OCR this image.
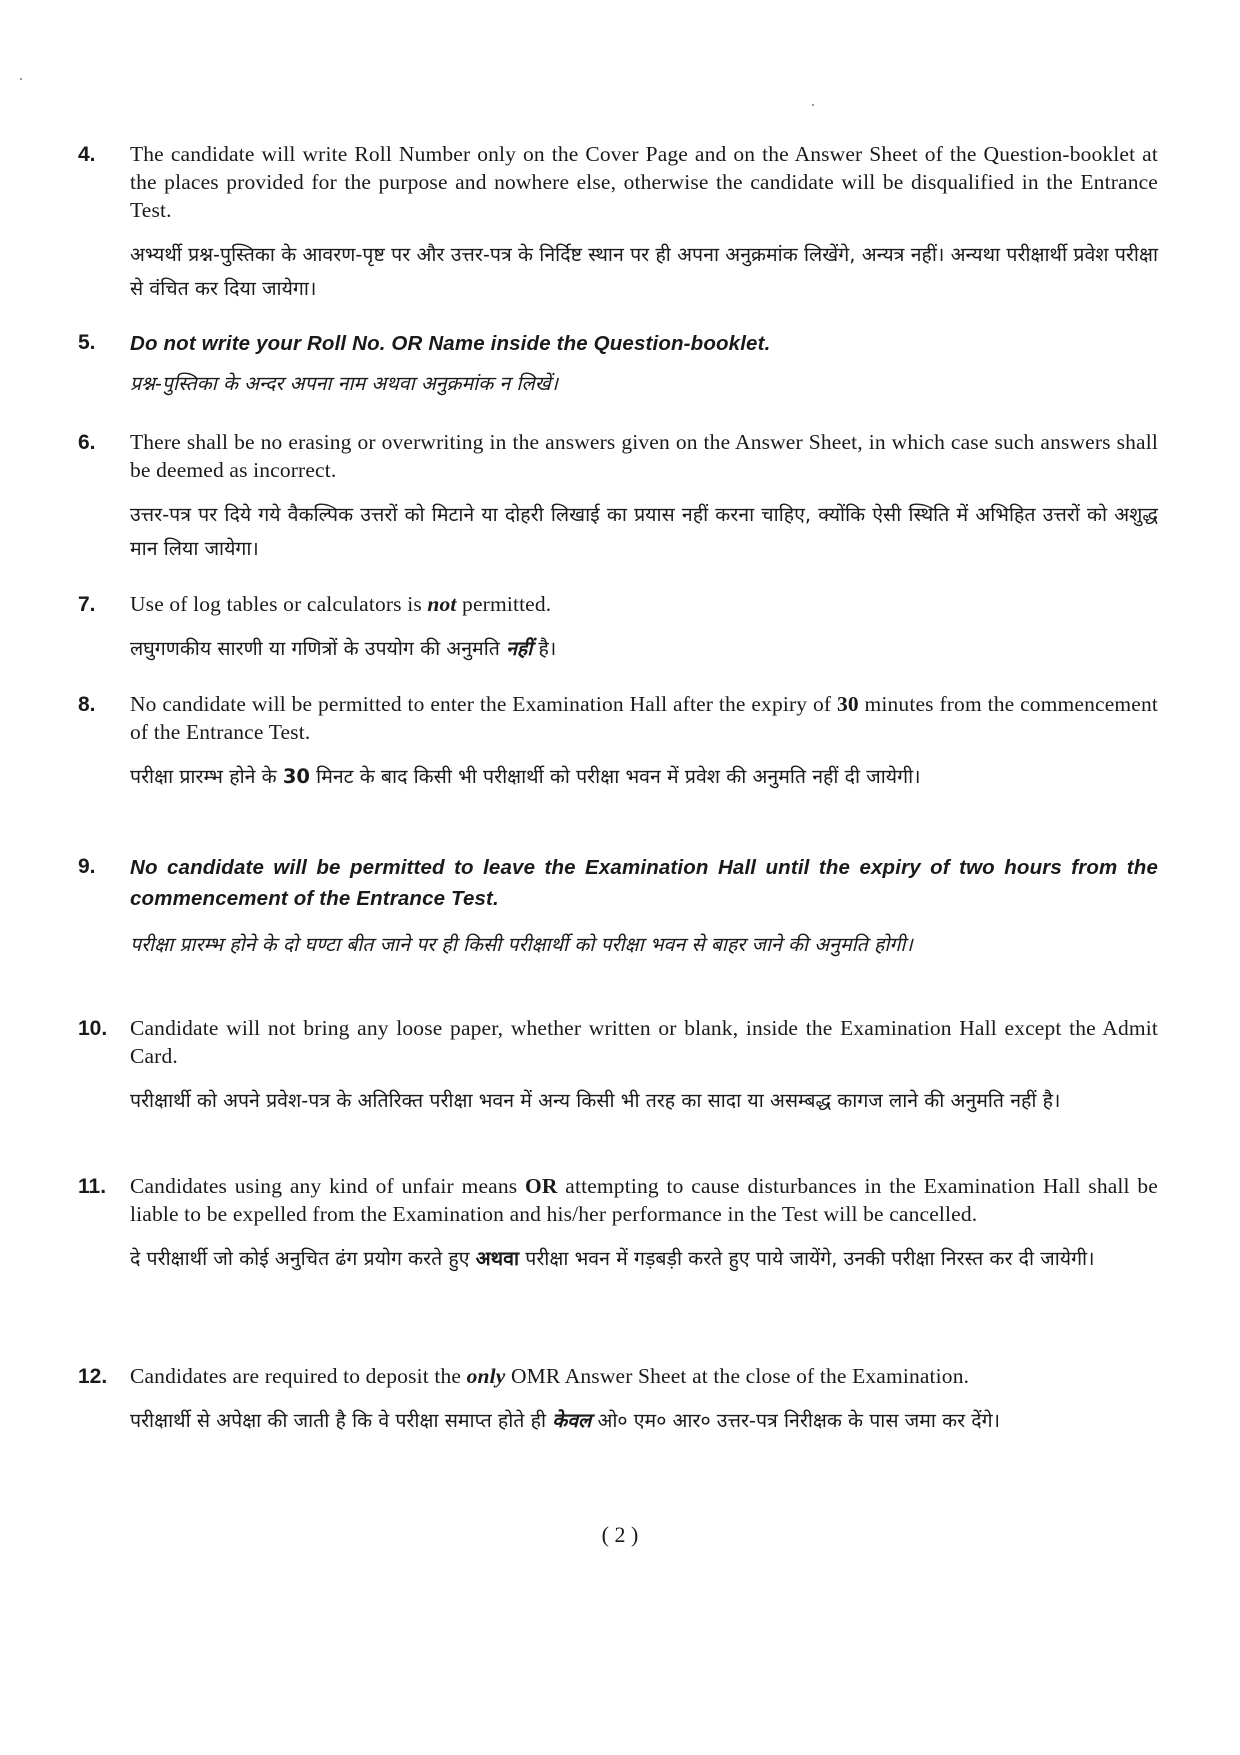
4. The candidate will write Roll Number only on the Cover Page and on the Answer Sheet of the Question-booklet at the places provided for the purpose and nowhere else, otherwise the candidate will be disqualified in the Entrance Test.
अभ्यर्थी प्रश्न-पुस्तिका के आवरण-पृष्ट पर और उत्तर-पत्र के निर्दिष्ट स्थान पर ही अपना अनुक्रमांक लिखेंगे, अन्यत्र नहीं। अन्यथा परीक्षार्थी प्रवेश परीक्षा से वंचित कर दिया जायेगा।
5. Do not write your Roll No. OR Name inside the Question-booklet.
प्रश्न-पुस्तिका के अन्दर अपना नाम अथवा अनुक्रमांक न लिखें।
6. There shall be no erasing or overwriting in the answers given on the Answer Sheet, in which case such answers shall be deemed as incorrect.
उत्तर-पत्र पर दिये गये वैकल्पिक उत्तरों को मिटाने या दोहरी लिखाई का प्रयास नहीं करना चाहिए, क्योंकि ऐसी स्थिति में अभिहित उत्तरों को अशुद्ध मान लिया जायेगा।
7. Use of log tables or calculators is not permitted.
लघुगणकीय सारणी या गणित्रों के उपयोग की अनुमति नहीं है।
8. No candidate will be permitted to enter the Examination Hall after the expiry of 30 minutes from the commencement of the Entrance Test.
परीक्षा प्रारम्भ होने के 30 मिनट के बाद किसी भी परीक्षार्थी को परीक्षा भवन में प्रवेश की अनुमति नहीं दी जायेगी।
9. No candidate will be permitted to leave the Examination Hall until the expiry of two hours from the commencement of the Entrance Test.
परीक्षा प्रारम्भ होने के दो घण्टा बीत जाने पर ही किसी परीक्षार्थी को परीक्षा भवन से बाहर जाने की अनुमति होगी।
10. Candidate will not bring any loose paper, whether written or blank, inside the Examination Hall except the Admit Card.
परीक्षार्थी को अपने प्रवेश-पत्र के अतिरिक्त परीक्षा भवन में अन्य किसी भी तरह का सादा या असम्बद्ध कागज लाने की अनुमति नहीं है।
11. Candidates using any kind of unfair means OR attempting to cause disturbances in the Examination Hall shall be liable to be expelled from the Examination and his/her performance in the Test will be cancelled.
दे परीक्षार्थी जो कोई अनुचित ढंग प्रयोग करते हुए अथवा परीक्षा भवन में गड़बड़ी करते हुए पाये जायेंगे, उनकी परीक्षा निरस्त कर दी जायेगी।
12. Candidates are required to deposit the only OMR Answer Sheet at the close of the Examination.
परीक्षार्थी से अपेक्षा की जाती है कि वे परीक्षा समाप्त होते ही केवल ओ० एम० आर० उत्तर-पत्र निरीक्षक के पास जमा कर देंगे।
( 2 )
